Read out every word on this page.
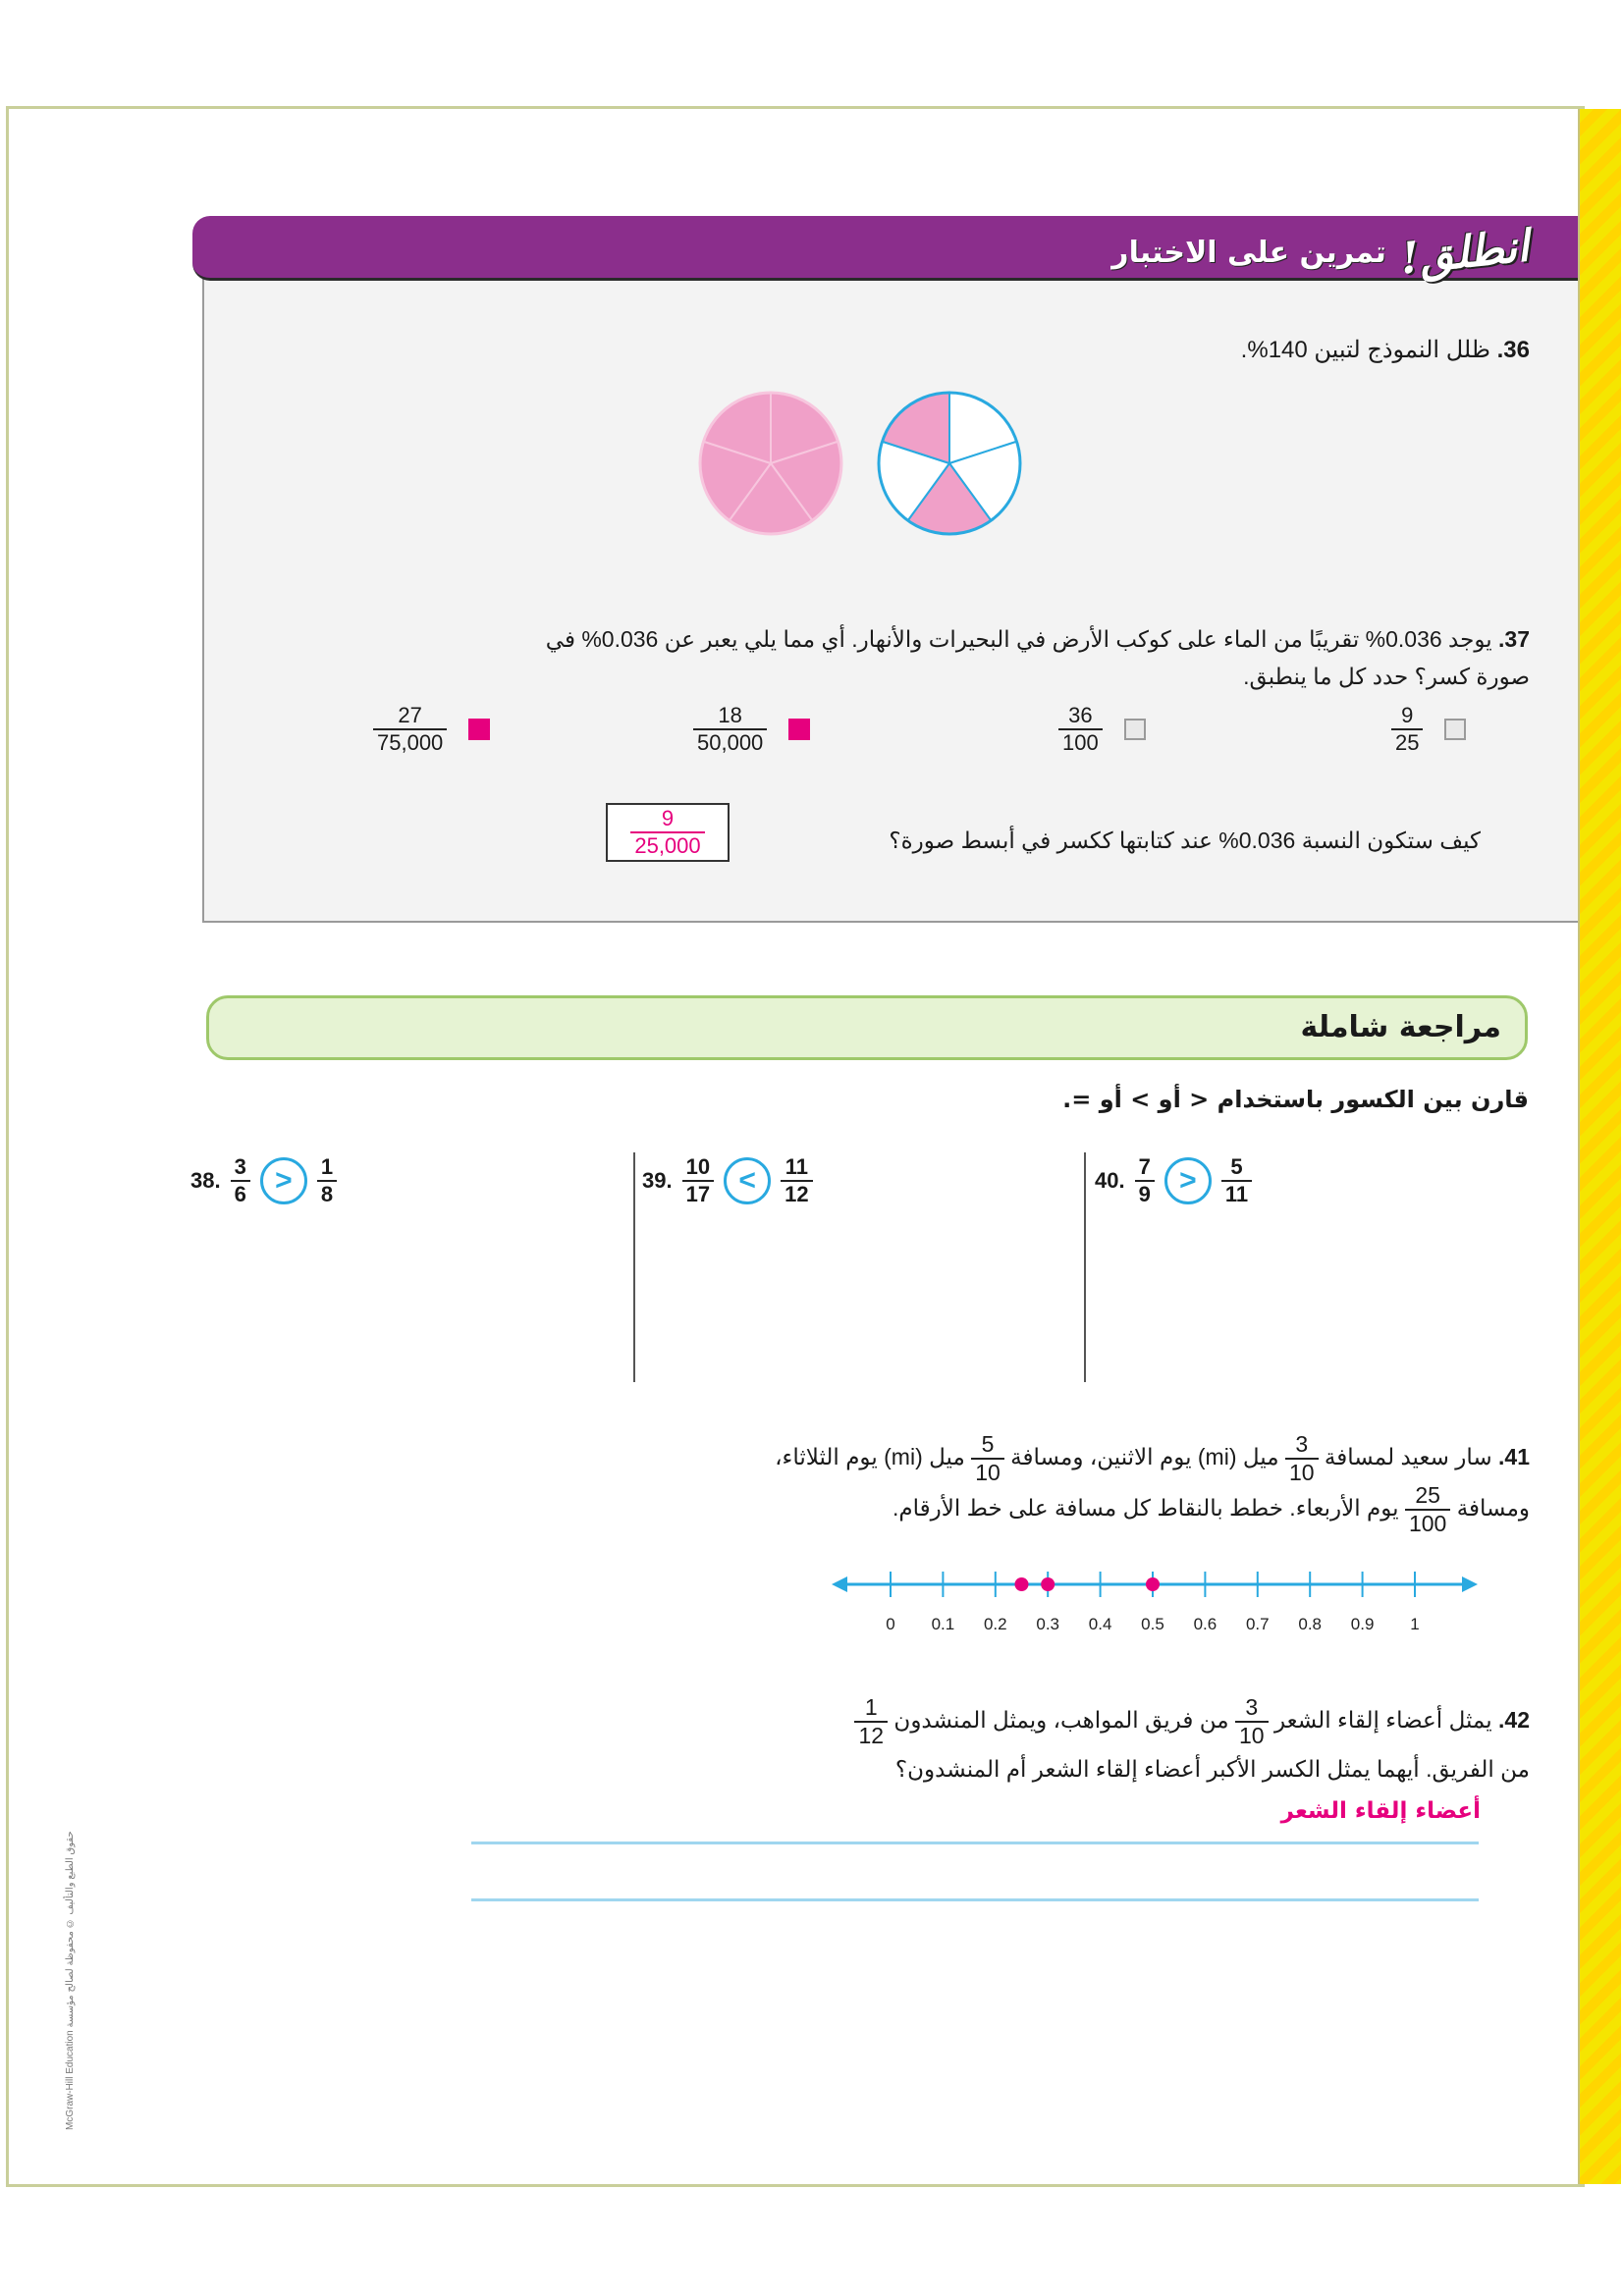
McGraw-Hill Education حقوق الطبع والتأليف © محفوظة لصالح مؤسسة
انطلق!
تمرين على الاختبار
36. ظلل النموذج لتبين 140%.
37. يوجد 0.036% تقريبًا من الماء على كوكب الأرض في البحيرات والأنهار. أي مما يلي يعبر عن 0.036% في صورة كسر؟ حدد كل ما ينطبق.
$\frac{9}{25}$
$\frac{36}{100}$
$\frac{18}{50,000}$
$\frac{27}{75,000}$
كيف ستكون النسبة 0.036% عند كتابتها ككسر في أبسط صورة؟
$\frac{9}{25,000}$
مراجعة شاملة
قارن بين الكسور باستخدام < أو > أو =.
38. $\frac{3}{6}$ >	$\frac{1}{8}$	39. $\frac{10}{17}$ <	$\frac{11}{12}$	40. $\frac{7}{9}$ >	$\frac{5}{11}$
41. سار سعيد لمسافة
$\frac{3}{10}$
ميل (mi) يوم الاثنين، ومسافة
$\frac{5}{10}$
ميل (mi) يوم الثلاثاء،
ومسافة
$\frac{25}{100}$
يوم الأربعاء. خطط بالنقاط كل مسافة على خط الأرقام.
0 0.1 0.2 0.3 0.4 0.5 0.6 0.7 0.8 0.9 1
42. يمثل أعضاء إلقاء الشعر
$\frac{3}{10}$
من فريق المواهب، ويمثل المنشدون
$\frac{1}{12}$

من الفريق. أيهما يمثل الكسر الأكبر أعضاء إلقاء الشعر أم المنشدون؟
أعضاء إلقاء الشعر
